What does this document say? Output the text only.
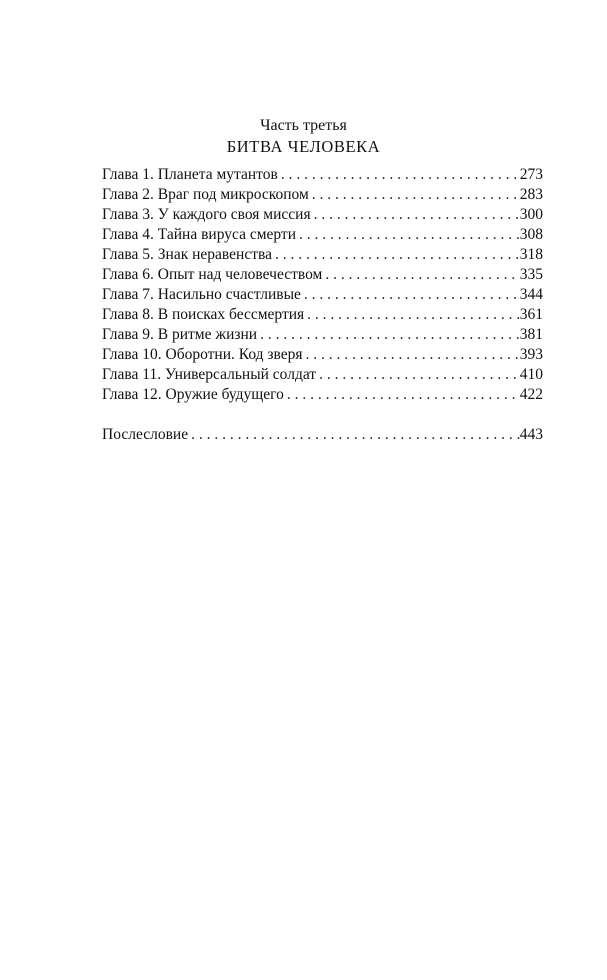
Часть третья
БИТВА ЧЕЛОВЕКА
Глава 1. Планета мутантов . . .	273
Глава 2. Враг под микроскопом . . .	283
Глава 3. У каждого своя миссия . . .	300
Глава 4. Тайна вируса смерти . . .	308
Глава 5. Знак неравенства . . .	318
Глава 6. Опыт над человечеством . . .	335
Глава 7. Насильно счастливые . . .	344
Глава 8. В поисках бессмертия . . .	361
Глава 9. В ритме жизни . . .	381
Глава 10. Оборотни. Код зверя . . .	393
Глава 11. Универсальный солдат . . .	410
Глава 12. Оружие будущего . . .	422
Послесловие . . .	443
